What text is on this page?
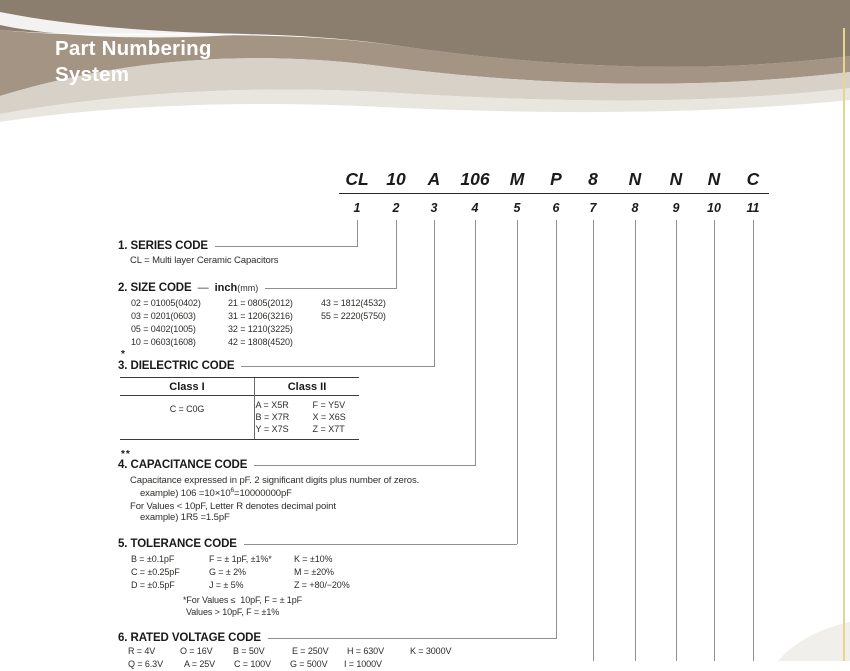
Part Numbering
System
CL	10	A	106	M	P	8	N	N	N	C
1	2	3	4	5	6	7	8	9	10	11
1. SERIES CODE
CL = Multi layer Ceramic Capacitors
2. SIZE CODE — inch (mm)
02 = 01005(0402)	21 = 0805(2012)	43 = 1812(4532)
03 = 0201(0603)	31 = 1206(3216)	55 = 2220(5750)
05 = 0402(1005)	32 = 1210(3225)
10 = 0603(1608)	42 = 1808(4520)
*
3. DIELECTRIC CODE
Class I
C = C0G
Class II
A = X5R	F = Y5V
B = X7R	X = X6S
Y = X7S	Z = X7T
**
4. CAPACITANCE CODE
Capacitance expressed in pF. 2 significant digits plus number of zeros.
example) $106 =10\times 10^6=10000000pF$
For Values < 10pF, Letter R denotes decimal point
example) 1R5 =1.5pF
5. TOLERANCE CODE
B = ±0.1pF	F = ± 1pF, ±1%*	K = ±10%
C = ±0.25pF	G = ± 2%	M = ±20%
D = ±0.5pF	J = ± 5%	Z = +80/−20%
*For Values ≤  10pF, F = ± 1pF
Values > 10pF, F = ±1%
6. RATED VOLTAGE CODE
R = 4V	O = 16V	B = 50V	E = 250V	H = 630V	K = 3000V
Q = 6.3V	A = 25V	C = 100V	G = 500V	I = 1000V
